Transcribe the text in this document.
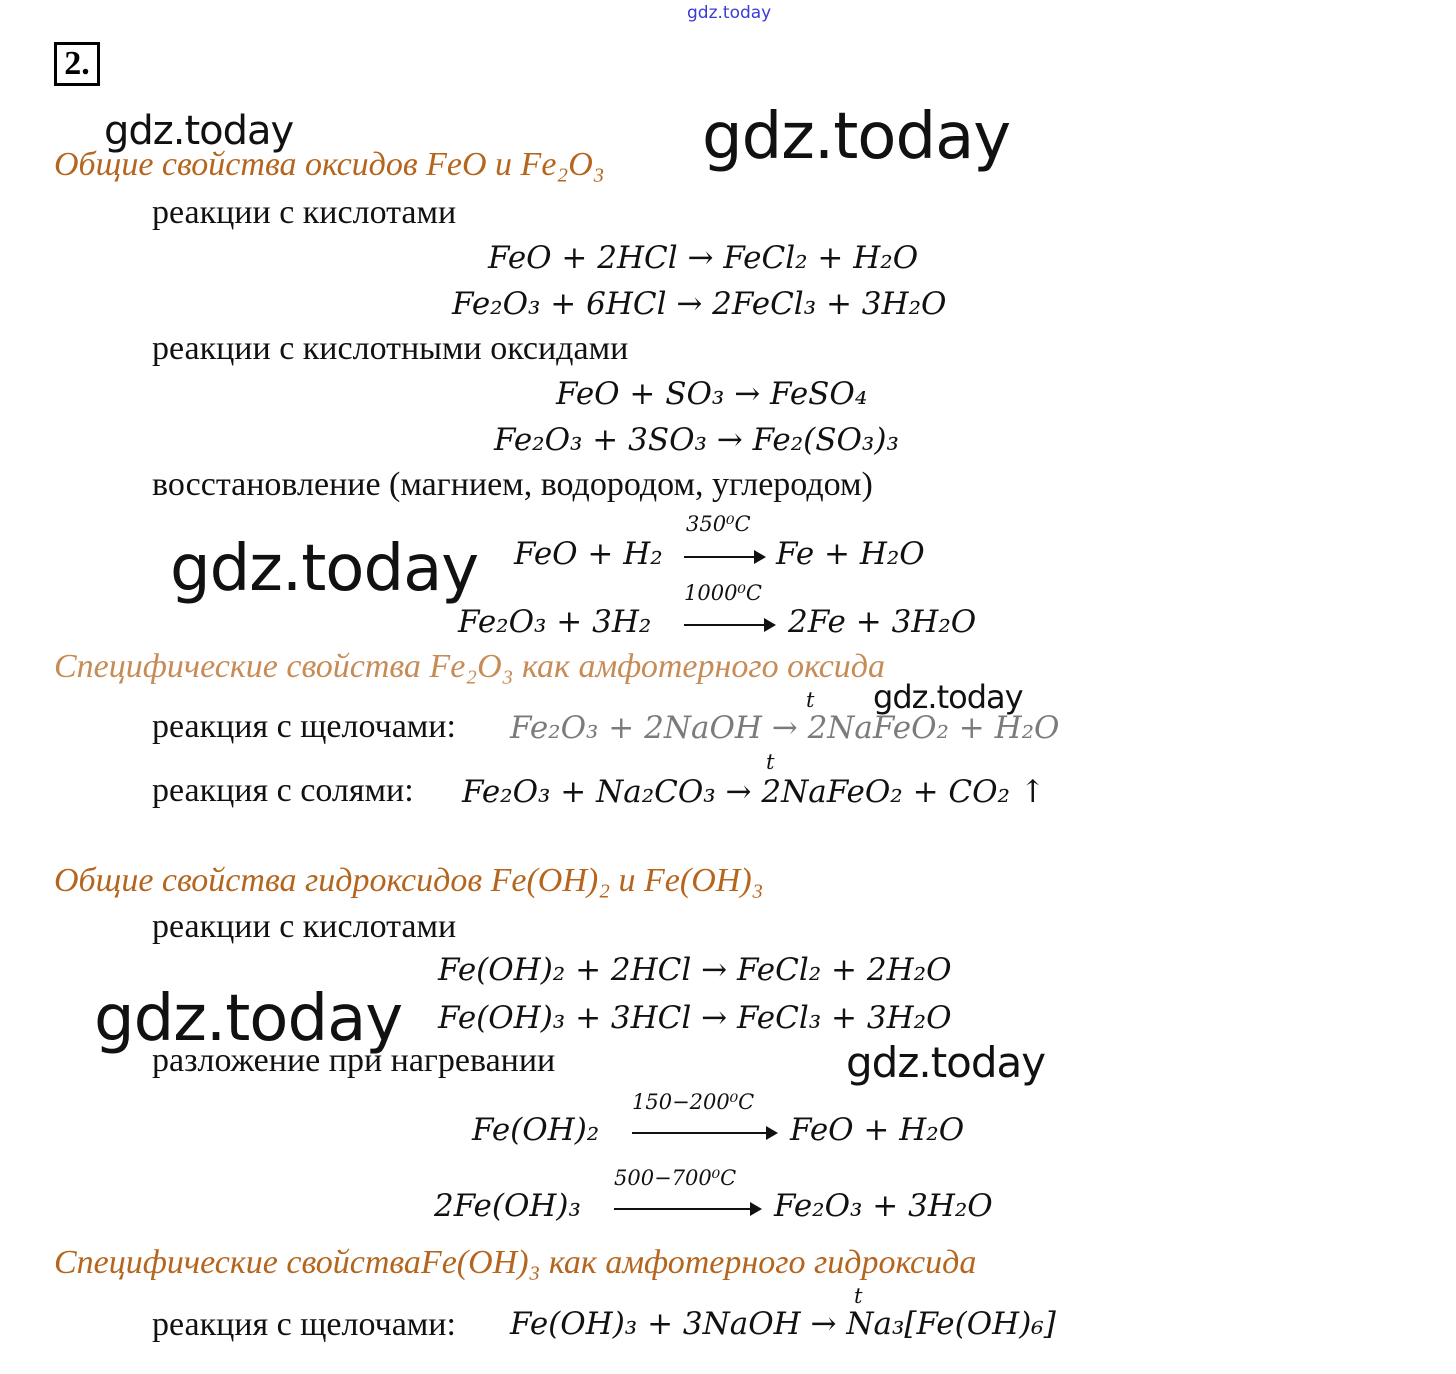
gdz.today
2.
gdz.today	gdz.today
gdz.today
gdz.today
gdz.today
gdz.today
Общие свойства оксидов FeO и Fe₂O₃
реакции с кислотами
FeO + 2HCl → FeCl₂ + H₂O
Fe₂O₃ + 6HCl → 2FeCl₃ + 3H₂O
реакции с кислотными оксидами
FeO + SO₃ → FeSO₄
Fe₂O₃ + 3SO₃ → Fe₂(SO₃)₃
восстановление (магнием, водородом, углеродом)
FeO + H₂
350⁰C
Fe + H₂O
Fe₂O₃ + 3H₂
1000⁰C
2Fe + 3H₂O
Специфические свойства Fe₂O₃ как амфотерного оксида
t
реакция с щелочами: Fe₂O₃ + 2NaOH → 2NaFeO₂ + H₂O
t
реакция с солями: Fe₂O₃ + Na₂CO₃ → 2NaFeO₂ + CO₂ ↑
Общие свойства гидроксидов Fe(OH)₂ и Fe(OH)₃
реакции с кислотами
Fe(OH)₂ + 2HCl → FeCl₂ + 2H₂O
Fe(OH)₃ + 3HCl → FeCl₃ + 3H₂O
разложение при нагревании
Fe(OH)₂
150−200⁰C
FeO + H₂O
2Fe(OH)₃
500−700⁰C
Fe₂O₃ + 3H₂O
Специфические свойстваFe(OH)₃ как амфотерного гидроксида
t
реакция с щелочами: Fe(OH)₃ + 3NaOH → Na₃[Fe(OH)₆]
